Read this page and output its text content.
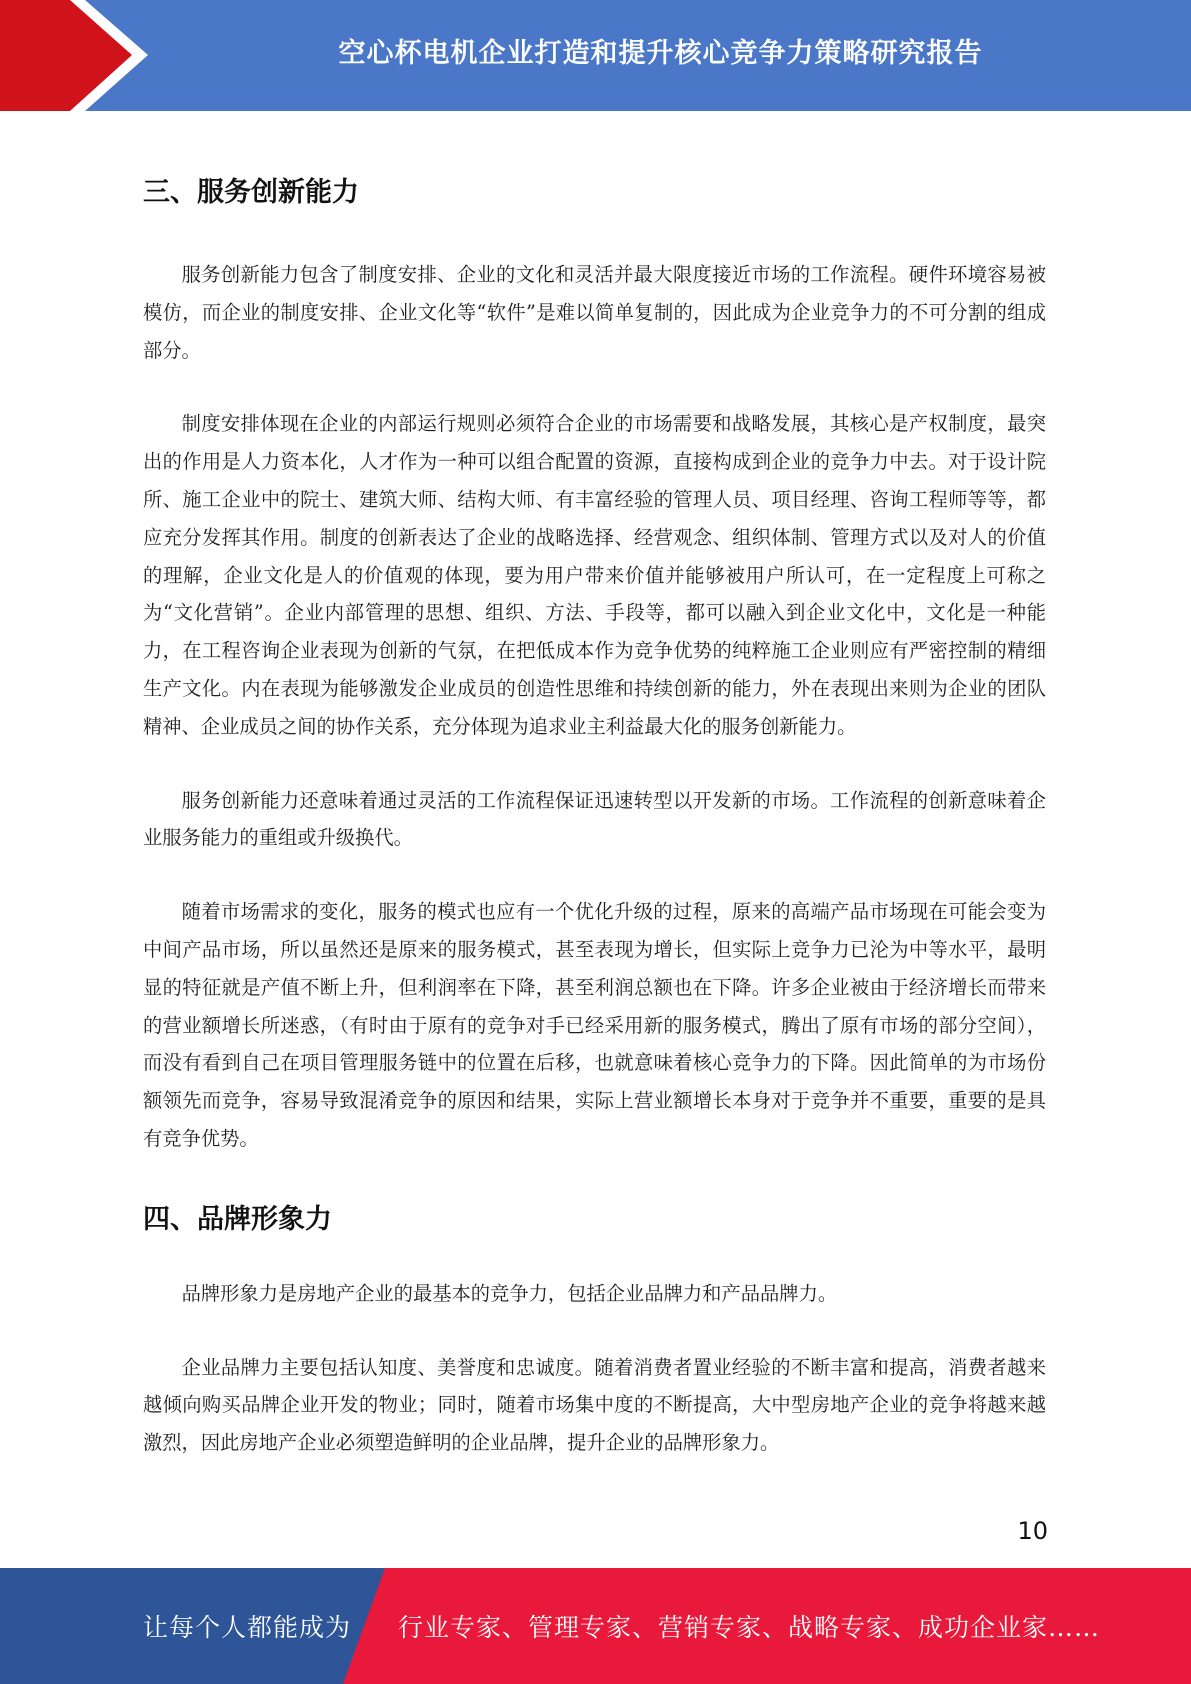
空心杯电机企业打造和提升核心竞争力策略研究报告
三、服务创新能力

服务创新能力包含了制度安排、企业的文化和灵活并最大限度接近市场的工作流程。硬件环境容易被模仿，而企业的制度安排、企业文化等“软件”是难以简单复制的，因此成为企业竞争力的不可分割的组成部分。

制度安排体现在企业的内部运行规则必须符合企业的市场需要和战略发展，其核心是产权制度，最突出的作用是人力资本化，人才作为一种可以组合配置的资源，直接构成到企业的竞争力中去。对于设计院所、施工企业中的院士、建筑大师、结构大师、有丰富经验的管理人员、项目经理、咨询工程师等等，都应充分发挥其作用。制度的创新表达了企业的战略选择、经营观念、组织体制、管理方式以及对人的价值的理解，企业文化是人的价值观的体现，要为用户带来价值并能够被用户所认可，在一定程度上可称之为“文化营销”。企业内部管理的思想、组织、方法、手段等，都可以融入到企业文化中，文化是一种能力，在工程咨询企业表现为创新的气氛，在把低成本作为竞争优势的纯粹施工企业则应有严密控制的精细生产文化。内在表现为能够激发企业成员的创造性思维和持续创新的能力，外在表现出来则为企业的团队精神、企业成员之间的协作关系，充分体现为追求业主利益最大化的服务创新能力。

服务创新能力还意味着通过灵活的工作流程保证迅速转型以开发新的市场。工作流程的创新意味着企业服务能力的重组或升级换代。

随着市场需求的变化，服务的模式也应有一个优化升级的过程，原来的高端产品市场现在可能会变为中间产品市场，所以虽然还是原来的服务模式，甚至表现为增长，但实际上竞争力已沦为中等水平，最明显的特征就是产值不断上升，但利润率在下降，甚至利润总额也在下降。许多企业被由于经济增长而带来的营业额增长所迷惑，（有时由于原有的竞争对手已经采用新的服务模式，腾出了原有市场的部分空间），而没有看到自己在项目管理服务链中的位置在后移，也就意味着核心竞争力的下降。因此简单的为市场份额领先而竞争，容易导致混淆竞争的原因和结果，实际上营业额增长本身对于竞争并不重要，重要的是具有竞争优势。

四、品牌形象力

品牌形象力是房地产企业的最基本的竞争力，包括企业品牌力和产品品牌力。

企业品牌力主要包括认知度、美誉度和忠诚度。随着消费者置业经验的不断丰富和提高，消费者越来越倾向购买品牌企业开发的物业；同时，随着市场集中度的不断提高，大中型房地产企业的竞争将越来越激烈，因此房地产企业必须塑造鲜明的企业品牌，提升企业的品牌形象力。

10
让每个人都能成为 行业专家、管理专家、营销专家、战略专家、成功企业家……
